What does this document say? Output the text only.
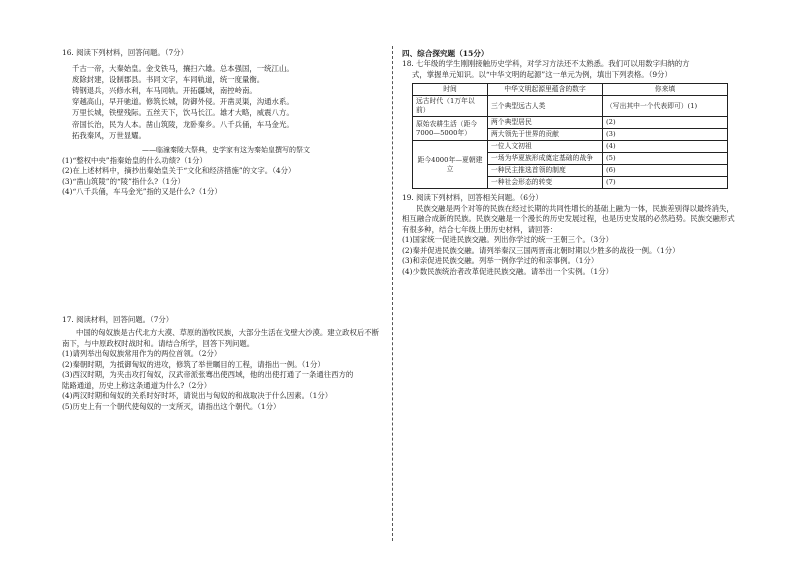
16. 阅读下列材料，回答问题。（7分）

千古一帝，大秦始皇。金戈铁马，攘扫六雄。总本强国，一统江山。

废除封建，设制郡县。书同文字，车同轨道，统一度量衡。

铸钢退兵，兴修水利，车马同轨。开拓疆域，南控岭南。

穿越高山，早开驰道。修筑长城，防御外侵。开凿灵渠，沟通水系。

万里长城，铁壁残际。五丝天下，饮马长江。雄才大略，威震八方。

帝国长治，民为人本。凿山筑陵，龙卧秦乡。八千兵俑，车马金光。

拓我秦风，万世显耀。

——临潼秦陵大祭典，史学家有这为秦始皇撰写的祭文

(1)“整权中央”指秦始皇的什么功绩?（1分）

(2)在上述材料中，摘抄出秦始皇关于“文化和经济措施”的文字。（4分）

(3)“凿山筑陵”的“陵”指什么?（1分）

(4)“八千兵俑，车马金光”指的又是什么?（1分）

17. 阅读材料，回答问题。（7分）

中国的匈奴族是古代北方大漠、草原的游牧民族，大部分生活在戈壁大沙漠。建立政权后不断南下，与中原政权时战时和。请结合所学，回答下列问题。

(1)请列举出匈奴族常用作为的两位首领。（2分）

(2)秦朝时期，为抵御匈奴的进攻，修筑了举世瞩目的工程，请指出一例。（1分）

(3)西汉时期，为夹击攻打匈奴，汉武帝派张骞出使西域，他的出使打通了一条通往西方的

陆路通道，历史上称这条通道为什么?（2分）

(4)两汉时期和匈奴的关系时好时坏，请说出与匈奴的和战取决于什么因素。（1分）

(5)历史上有一个朝代使匈奴的一支所灭，请指出这个朝代。（1分）

四、综合探究题（15分）

18. 七年级的学生刚刚接触历史学科，对学习方法还不太熟悉。我们可以用数字归纳的方

式，掌握单元知识。以“中华文明的起源”这一单元为例，填出下列表格。（9分）

时间	中华文明起源里蕴含的数字	你来填
远古时代（1万年以前）	三个典型远古人类	（写出其中一个代表即可）(1)
原始农耕生活（距今7000—5000年）	两个典型居民	(2)
	两大领先于世界的贡献	(3)
距今4000年—夏朝建立	一位人文初祖	(4)
	一场为华夏族形成奠定基础的战争	(5)
	一种民主推选首领的制度	(6)
	一种社会形态的转变	(7)

19. 阅读下列材料，回答相关问题。（6分）

民族交融是两个对等的民族在经过长期的共同性增长的基础上融为一体，民族差别得以最终消失，相互融合成新的民族。民族交融是一个漫长的历史发展过程，也是历史发展的必然趋势。民族交融形式有很多种，结合七年级上册历史材料，请回答：

(1)国家统一促进民族交融。列出你学过的统一王朝三个。（3分）

(2)秦并促进民族交融。请列举秦汉三国两晋南北朝时期以少胜多的战役一例。（1分）

(3)和亲促进民族交融。列举一例你学过的和亲事例。（1分）

(4)少数民族统治者改革促进民族交融。请举出一个实例。（1分）
